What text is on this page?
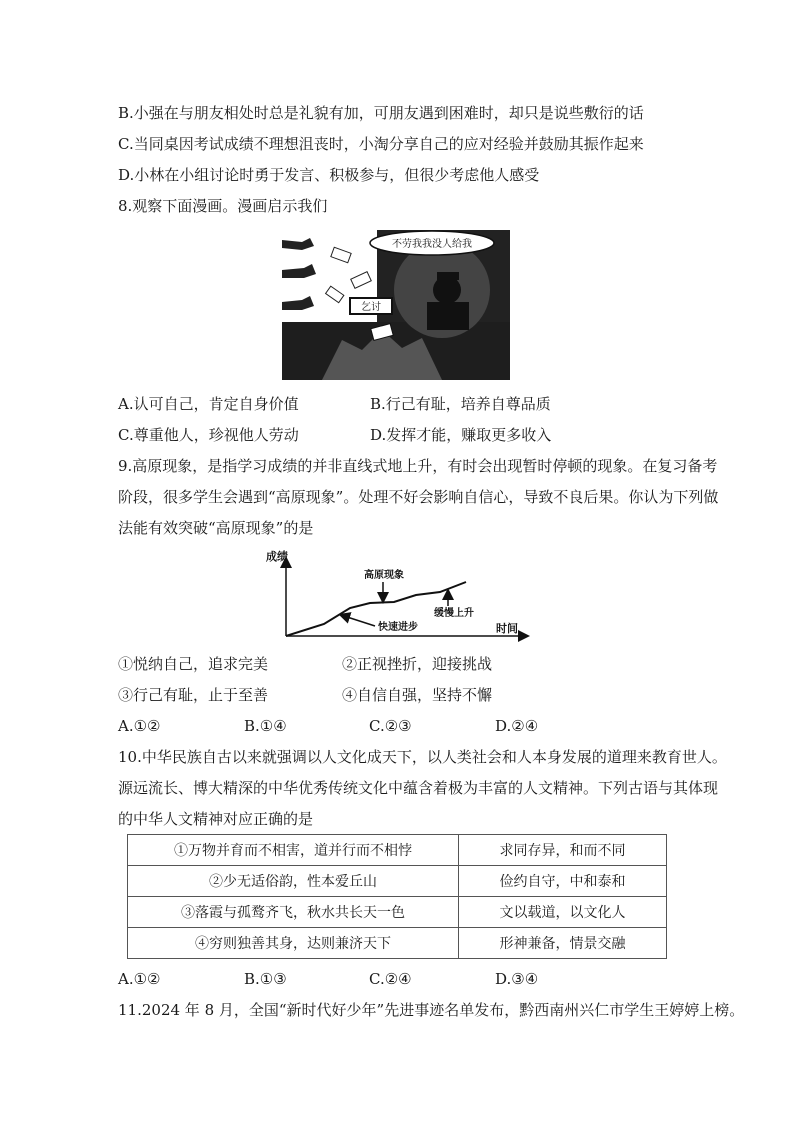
B.小强在与朋友相处时总是礼貌有加，可朋友遇到困难时，却只是说些敷衍的话
C.当同桌因考试成绩不理想沮丧时，小淘分享自己的应对经验并鼓励其振作起来
D.小林在小组讨论时勇于发言、积极参与，但很少考虑他人感受
8.观察下面漫画。漫画启示我们
不劳我我没人给我
乞讨
A.认可自己，肯定自身价值	B.行己有耻，培养自尊品质
C.尊重他人，珍视他人劳动	D.发挥才能，赚取更多收入
9.高原现象，是指学习成绩的并非直线式地上升，有时会出现暂时停顿的现象。在复习备考
阶段，很多学生会遇到“高原现象”。处理不好会影响自信心，导致不良后果。你认为下列做
法能有效突破“高原现象”的是
成绩
时间
高原现象
缓慢上升
快速进步
①悦纳自己，追求完美	②正视挫折，迎接挑战
③行己有耻，止于至善	④自信自强，坚持不懈
A.①②	B.①④	C.②③	D.②④
10.中华民族自古以来就强调以人文化成天下，以人类社会和人本身发展的道理来教育世人。
源远流长、博大精深的中华优秀传统文化中蕴含着极为丰富的人文精神。下列古语与其体现
的中华人文精神对应正确的是
①万物并育而不相害，道并行而不相悖	求同存异，和而不同
②少无适俗韵，性本爱丘山	俭约自守，中和泰和
③落霞与孤鹜齐飞，秋水共长天一色	文以载道，以文化人
④穷则独善其身，达则兼济天下	形神兼备，情景交融
A.①②	B.①③	C.②④	D.③④
11.2024 年 8 月，全国“新时代好少年”先进事迹名单发布，黔西南州兴仁市学生王婷婷上榜。
